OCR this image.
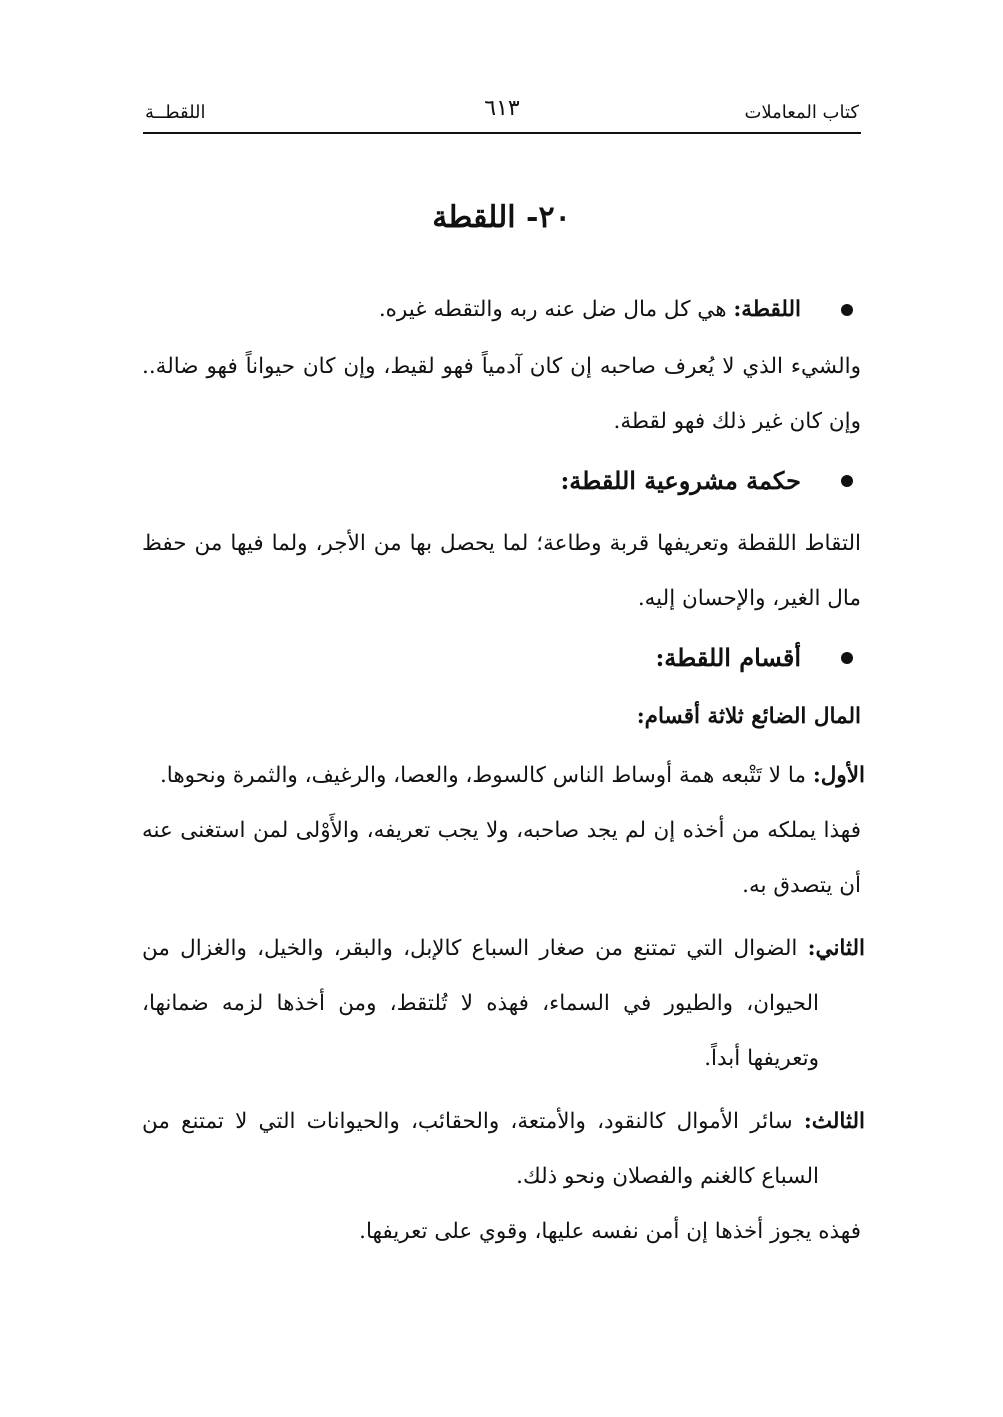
كتاب المعاملات
٦١٣
اللقطــة
٢٠- اللقطة

اللقطة: هي كل مال ضل عنه ربه والتقطه غيره.

والشيء الذي لا يُعرف صاحبه إن كان آدمياً فهو لقيط، وإن كان حيواناً فهو ضالة.. وإن كان غير ذلك فهو لقطة.

حكمة مشروعية اللقطة:

التقاط اللقطة وتعريفها قربة وطاعة؛ لما يحصل بها من الأجر، ولما فيها من حفظ مال الغير، والإحسان إليه.

أقسام اللقطة:

المال الضائع ثلاثة أقسام:

الأول: ما لا تَتْبعه همة أوساط الناس كالسوط، والعصا، والرغيف، والثمرة ونحوها.

فهذا يملكه من أخذه إن لم يجد صاحبه، ولا يجب تعريفه، والأَوْلى لمن استغنى عنه أن يتصدق به.

الثاني: الضوال التي تمتنع من صغار السباع كالإبل، والبقر، والخيل، والغزال من الحيوان، والطيور في السماء، فهذه لا تُلتقط، ومن أخذها لزمه ضمانها، وتعريفها أبداً.

الثالث: سائر الأموال كالنقود، والأمتعة، والحقائب، والحيوانات التي لا تمتنع من السباع كالغنم والفصلان ونحو ذلك.

فهذه يجوز أخذها إن أمن نفسه عليها، وقوي على تعريفها.
